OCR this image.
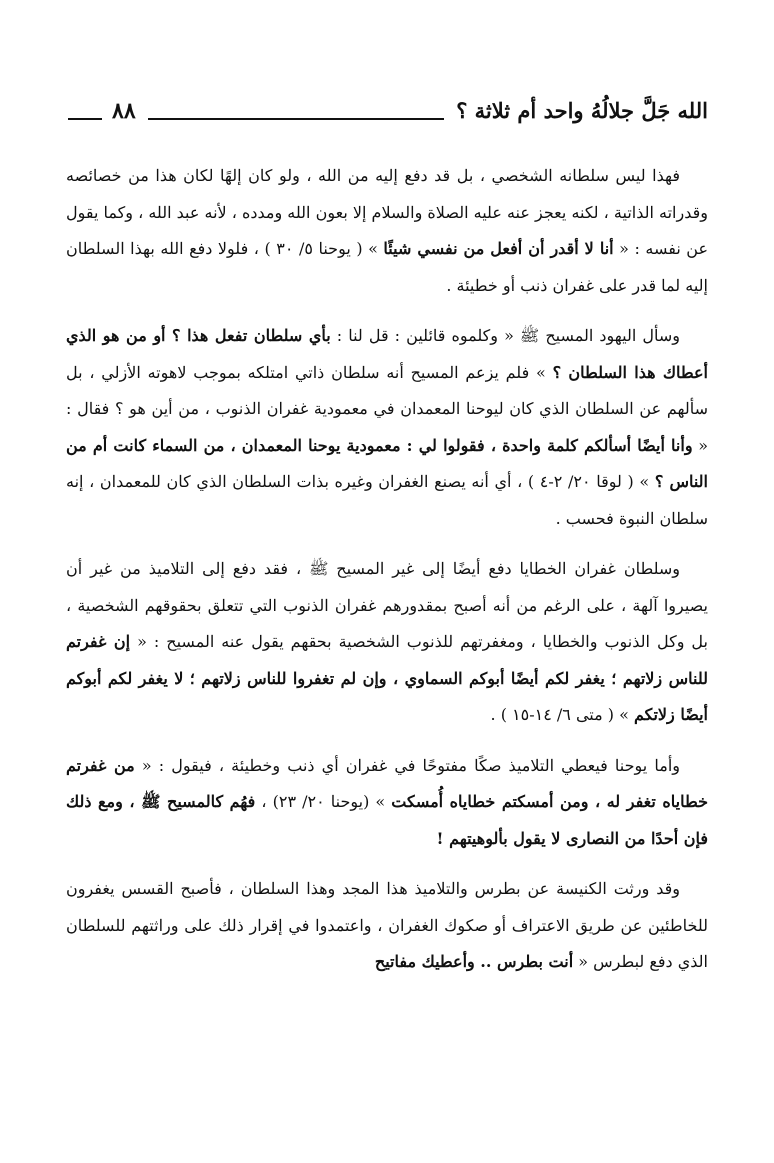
٨٨	الله جَلَّ جلالُهُ واحد أم ثلاثة ؟

فهذا ليس سلطانه الشخصي ، بل قد دفع إليه من الله ، ولو كان إلهًا لكان هذا من خصائصه وقدراته الذاتية ، لكنه يعجز عنه عليه الصلاة والسلام إلا بعون الله ومدده ، لأنه عبد الله ، وكما يقول عن نفسه : « أنا لا أقدر أن أفعل من نفسي شيئًا » ( يوحنا ٥/ ٣٠ ) ، فلولا دفع الله بهذا السلطان إليه لما قدر على غفران ذنب أو خطيئة .

وسأل اليهود المسيح ﷺ « وكلموه قائلين : قل لنا : بأي سلطان تفعل هذا ؟ أو من هو الذي أعطاك هذا السلطان ؟ » فلم يزعم المسيح أنه سلطان ذاتي امتلكه بموجب لاهوته الأزلي ، بل سألهم عن السلطان الذي كان ليوحنا المعمدان في معمودية غفران الذنوب ، من أين هو ؟ فقال : « وأنا أيضًا أسألكم كلمة واحدة ، فقولوا لي : معمودية يوحنا المعمدان ، من السماء كانت أم من الناس ؟ » ( لوقا ٢٠/ ٢-٤ ) ، أي أنه يصنع الغفران وغيره بذات السلطان الذي كان للمعمدان ، إنه سلطان النبوة فحسب .

وسلطان غفران الخطايا دفع أيضًا إلى غير المسيح ﷺ ، فقد دفع إلى التلاميذ من غير أن يصيروا آلهة ، على الرغم من أنه أصبح بمقدورهم غفران الذنوب التي تتعلق بحقوقهم الشخصية ، بل وكل الذنوب والخطايا ، ومغفرتهم للذنوب الشخصية بحقهم يقول عنه المسيح : « إن غفرتم للناس زلاتهم ؛ يغفر لكم أيضًا أبوكم السماوي ، وإن لم تغفروا للناس زلاتهم ؛ لا يغفر لكم أبوكم أيضًا زلاتكم » ( متى ٦/ ١٤-١٥ ) .

وأما يوحنا فيعطي التلاميذ صكًا مفتوحًا في غفران أي ذنب وخطيئة ، فيقول : « من غفرتم خطاياه تغفر له ، ومن أمسكتم خطاياه أُمسكت » (يوحنا ٢٠/ ٢٣) ، فهُم كالمسيح ﷺ ، ومع ذلك فإن أحدًا من النصارى لا يقول بألوهيتهم !

وقد ورثت الكنيسة عن بطرس والتلاميذ هذا المجد وهذا السلطان ، فأصبح القسس يغفرون للخاطئين عن طريق الاعتراف أو صكوك الغفران ، واعتمدوا في إقرار ذلك على وراثتهم للسلطان الذي دفع لبطرس « أنت بطرس .. وأعطيك مفاتيح
